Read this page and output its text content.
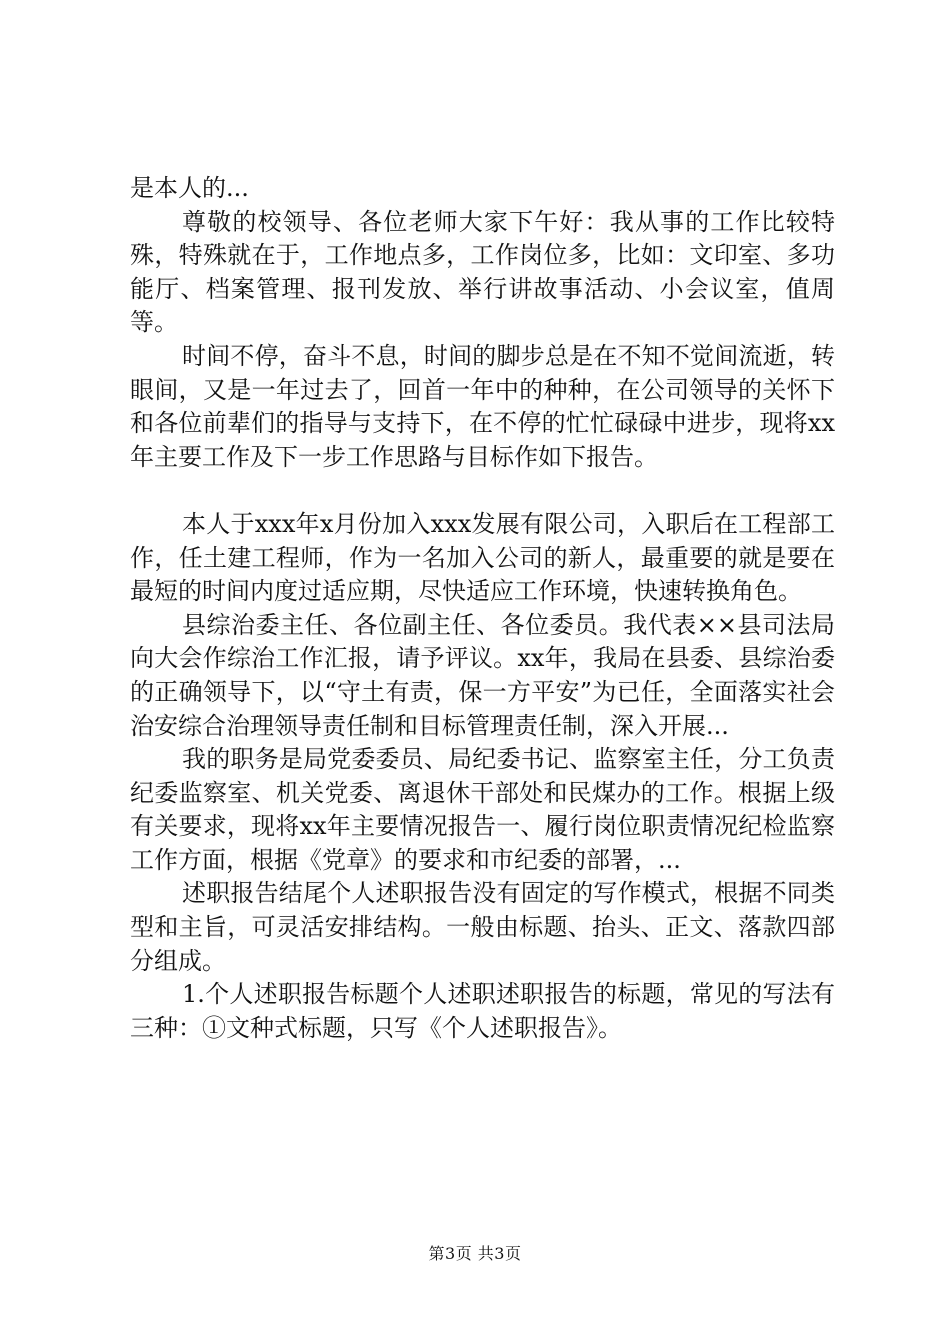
是本人的...

尊敬的校领导、各位老师大家下午好：我从事的工作比较特殊，特殊就在于，工作地点多，工作岗位多，比如：文印室、多功能厅、档案管理、报刊发放、举行讲故事活动、小会议室，值周等。

时间不停，奋斗不息，时间的脚步总是在不知不觉间流逝，转眼间，又是一年过去了，回首一年中的种种，在公司领导的关怀下和各位前辈们的指导与支持下，在不停的忙忙碌碌中进步，现将xx年主要工作及下一步工作思路与目标作如下报告。

本人于xxx年x月份加入xxx发展有限公司，入职后在工程部工作，任土建工程师，作为一名加入公司的新人，最重要的就是要在最短的时间内度过适应期，尽快适应工作环境，快速转换角色。

县综治委主任、各位副主任、各位委员。我代表××县司法局向大会作综治工作汇报，请予评议。xx年，我局在县委、县综治委的正确领导下，以“守土有责，保一方平安”为已任，全面落实社会治安综合治理领导责任制和目标管理责任制，深入开展...

我的职务是局党委委员、局纪委书记、监察室主任，分工负责纪委监察室、机关党委、离退休干部处和民煤办的工作。根据上级有关要求，现将xx年主要情况报告一、履行岗位职责情况纪检监察工作方面，根据《党章》的要求和市纪委的部署，...

述职报告结尾个人述职报告没有固定的写作模式，根据不同类型和主旨，可灵活安排结构。一般由标题、抬头、正文、落款四部分组成。

1.个人述职报告标题个人述职述职报告的标题，常见的写法有三种：①文种式标题，只写《个人述职报告》。

第3页 共3页
